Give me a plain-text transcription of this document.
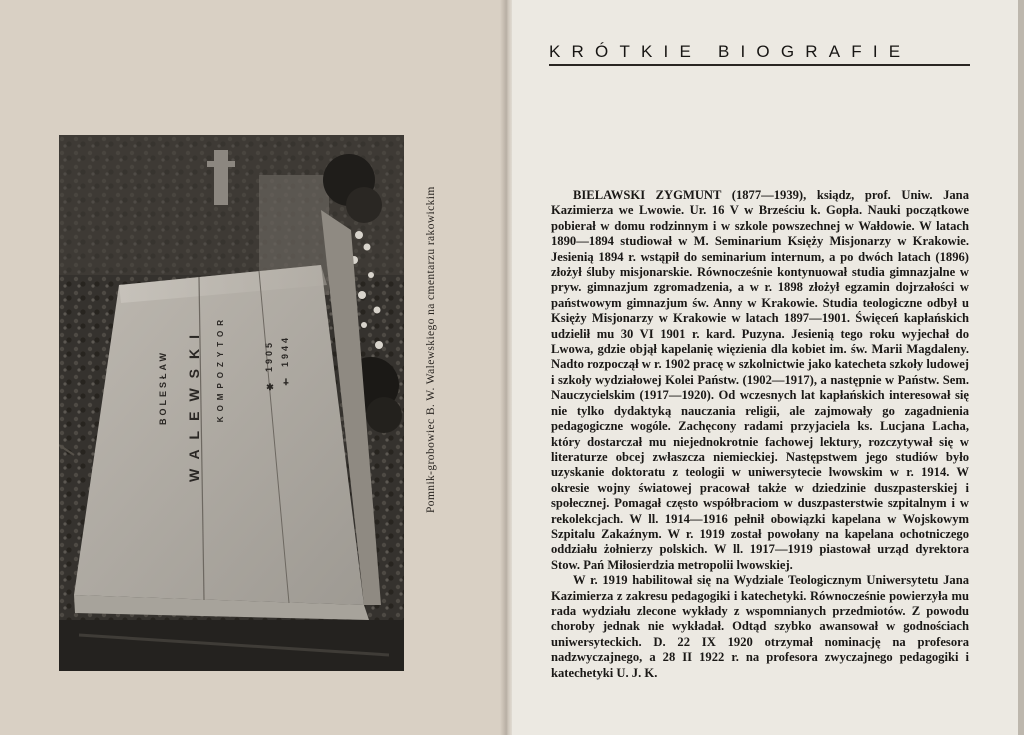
BOLESŁAW WALEWSKI KOMPOZYTOR	✱ 1905 ✝ 1944	Pomnik-grobowiec B. W. Walewskiego na cmentarzu rakowickim
KRÓTKIE BIOGRAFIE

BIELAWSKI ZYGMUNT (1877—1939), ksiądz, prof. Uniw. Jana Kazimierza we Lwowie. Ur. 16 V w Brześciu k. Gopła. Nauki początkowe pobierał w domu rodzinnym i w szkole powszechnej w Wałdowie. W latach 1890—1894 studiował w M. Seminarium Księży Misjonarzy w Krakowie. Jesienią 1894 r. wstąpił do seminarium internum, a po dwóch latach (1896) złożył śluby misjonarskie. Równocześnie kontynuował studia gimnazjalne w pryw. gimnazjum zgromadzenia, a w r. 1898 złożył egzamin dojrzałości w państwowym gimnazjum św. Anny w Krakowie. Studia teologiczne odbył u Księży Misjonarzy w Krakowie w latach 1897—1901. Święceń kapłańskich udzielił mu 30 VI 1901 r. kard. Puzyna. Jesienią tego roku wyjechał do Lwowa, gdzie objął kapelanię więzienia dla kobiet im. św. Marii Magdaleny. Nadto rozpoczął w r. 1902 pracę w szkolnictwie jako katecheta szkoły ludowej i szkoły wydziałowej Kolei Państw. (1902—1917), a następnie w Państw. Sem. Nauczycielskim (1917—1920). Od wczesnych lat kapłańskich interesował się nie tylko dydaktyką nauczania religii, ale zajmowały go zagadnienia pedagogiczne wogóle. Zachęcony radami przyjaciela ks. Lucjana Lacha, który dostarczał mu niejednokrotnie fachowej lektury, rozczytywał się w literaturze obcej zwłaszcza niemieckiej. Następstwem jego studiów było uzyskanie doktoratu z teologii w uniwersytecie lwowskim w r. 1914. W okresie wojny światowej pracował także w dziedzinie duszpasterskiej i społecznej. Pomagał często współbraciom w duszpasterstwie szpitalnym i w rekolekcjach. W ll. 1914—1916 pełnił obowiązki kapelana w Wojskowym Szpitalu Zakaźnym. W r. 1919 został powołany na kapelana ochotniczego oddziału żołnierzy polskich. W ll. 1917—1919 piastował urząd dyrektora Stow. Pań Miłosierdzia metropolii lwowskiej.

W r. 1919 habilitował się na Wydziale Teologicznym Uniwersytetu Jana Kazimierza z zakresu pedagogiki i katechetyki. Równocześnie powierzyła mu rada wydziału zlecone wykłady z wspomnianych przedmiotów. Z powodu choroby jednak nie wykładał. Odtąd szybko awansował w godnościach uniwersyteckich. D. 22 IX 1920 otrzymał nominację na profesora nadzwyczajnego, a 28 II 1922 r. na profesora zwyczajnego pedagogiki i katechetyki U. J. K.
